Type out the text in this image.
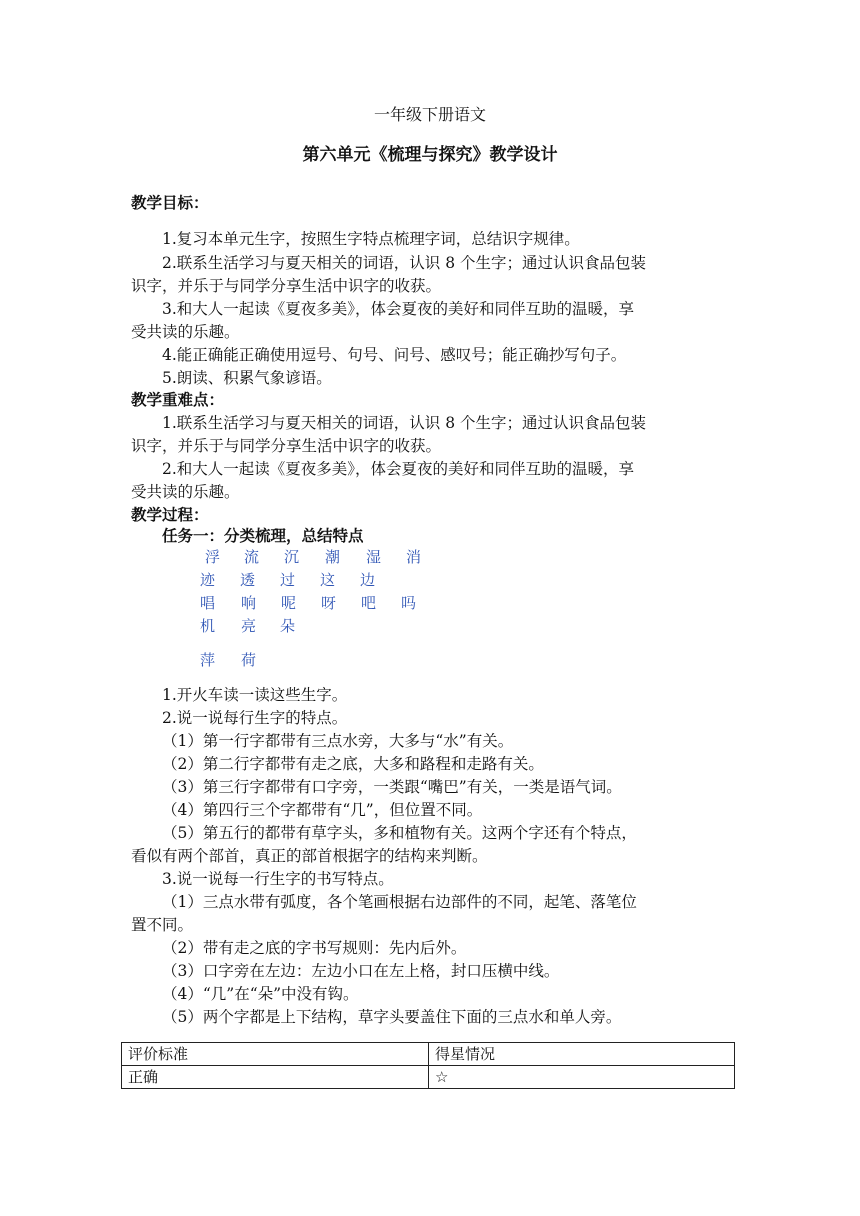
一年级下册语文
第六单元《梳理与探究》教学设计
教学目标：
1.复习本单元生字，按照生字特点梳理字词，总结识字规律。
2.联系生活学习与夏天相关的词语，认识 8 个生字；通过认识食品包装
识字，并乐于与同学分享生活中识字的收获。
3.和大人一起读《夏夜多美》，体会夏夜的美好和同伴互助的温暖，享
受共读的乐趣。
4.能正确能正确使用逗号、句号、问号、感叹号；能正确抄写句子。
5.朗读、积累气象谚语。
教学重难点：
1.联系生活学习与夏天相关的词语，认识 8 个生字；通过认识食品包装
识字，并乐于与同学分享生活中识字的收获。
2.和大人一起读《夏夜多美》，体会夏夜的美好和同伴互助的温暖，享
受共读的乐趣。
教学过程：
任务一：分类梳理，总结特点
浮 流 沉 潮 湿 消
迹 透 过 这 边
唱 响 呢 呀 吧 吗
机 亮 朵
萍 荷
1.开火车读一读这些生字。
2.说一说每行生字的特点。
（1）第一行字都带有三点水旁，大多与“水”有关。
（2）第二行字都带有走之底，大多和路程和走路有关。
（3）第三行字都带有口字旁，一类跟“嘴巴”有关，一类是语气词。
（4）第四行三个字都带有“几”，但位置不同。
（5）第五行的都带有草字头，多和植物有关。这两个字还有个特点，
看似有两个部首，真正的部首根据字的结构来判断。
3.说一说每一行生字的书写特点。
（1）三点水带有弧度，各个笔画根据右边部件的不同，起笔、落笔位
置不同。
（2）带有走之底的字书写规则：先内后外。
（3）口字旁在左边：左边小口在左上格，封口压横中线。
（4）“几”在“朵”中没有钩。
（5）两个字都是上下结构，草字头要盖住下面的三点水和单人旁。
评价标准	得星情况
正确	☆
